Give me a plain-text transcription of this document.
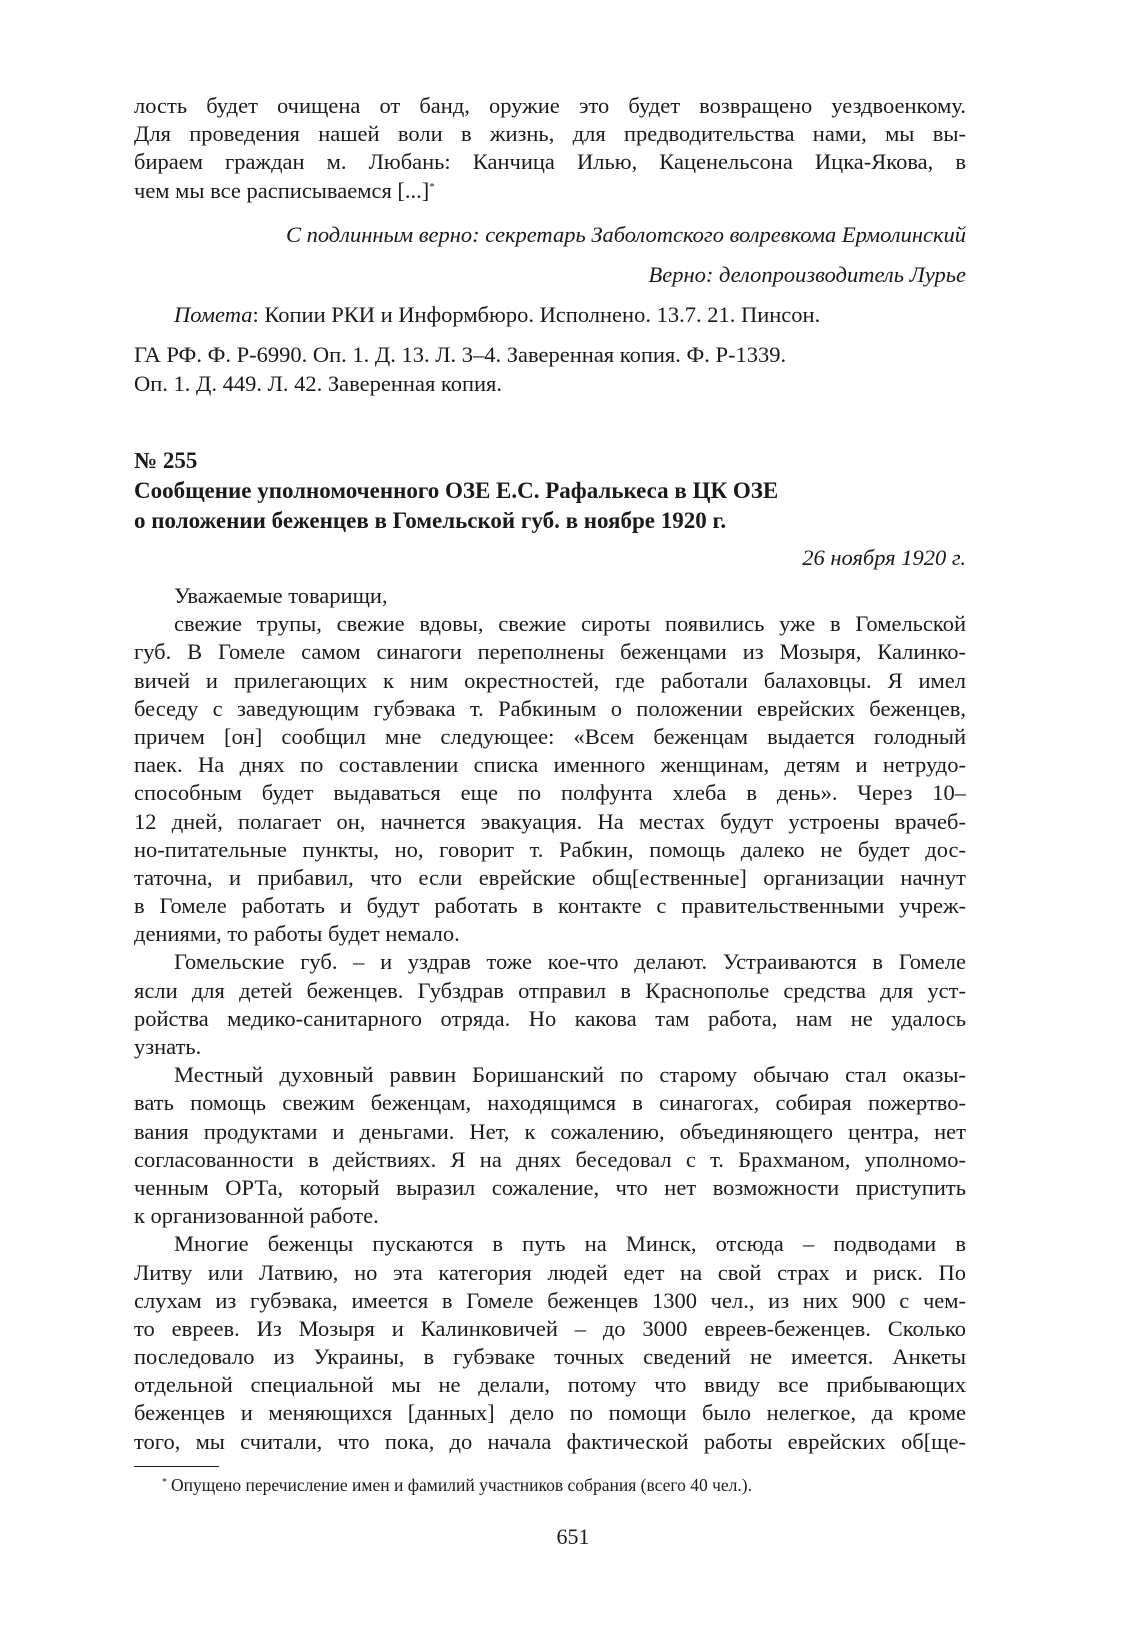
лость будет очищена от банд, оружие это будет возвращено уездвоенкому.
Для проведения нашей воли в жизнь, для предводительства нами, мы вы-
бираем граждан м. Любань: Канчица Илью, Каценельсона Ицка-Якова, в
чем мы все расписываемся [...]*
С подлинным верно: секретарь Заболотского волревкома Ермолинский
Верно: делопроизводитель Лурье
Помета: Копии РКИ и Информбюро. Исполнено. 13.7. 21. Пинсон.
ГА РФ. Ф. Р-6990. Оп. 1. Д. 13. Л. 3–4. Заверенная копия. Ф. Р-1339.
Оп. 1. Д. 449. Л. 42. Заверенная копия.
№ 255
Сообщение уполномоченного ОЗЕ Е.С. Рафалькеса в ЦК ОЗЕ
о положении беженцев в Гомельской губ. в ноябре 1920 г.
26 ноября 1920 г.
Уважаемые товарищи,
свежие трупы, свежие вдовы, свежие сироты появились уже в Гомельской
губ. В Гомеле самом синагоги переполнены беженцами из Мозыря, Калинко-
вичей и прилегающих к ним окрестностей, где работали балаховцы. Я имел
беседу с заведующим губэвака т. Рабкиным о положении еврейских беженцев,
причем [он] сообщил мне следующее: «Всем беженцам выдается голодный
паек. На днях по составлении списка именного женщинам, детям и нетрудо-
способным будет выдаваться еще по полфунта хлеба в день». Через 10–
12 дней, полагает он, начнется эвакуация. На местах будут устроены врачеб-
но-питательные пункты, но, говорит т. Рабкин, помощь далеко не будет дос-
таточна, и прибавил, что если еврейские общ[ественные] организации начнут
в Гомеле работать и будут работать в контакте с правительственными учреж-
дениями, то работы будет немало.
Гомельские губ. – и уздрав тоже кое-что делают. Устраиваются в Гомеле
ясли для детей беженцев. Губздрав отправил в Краснополье средства для уст-
ройства медико-санитарного отряда. Но какова там работа, нам не удалось
узнать.
Местный духовный раввин Боришанский по старому обычаю стал оказы-
вать помощь свежим беженцам, находящимся в синагогах, собирая пожертво-
вания продуктами и деньгами. Нет, к сожалению, объединяющего центра, нет
согласованности в действиях. Я на днях беседовал с т. Брахманом, уполномо-
ченным ОРТа, который выразил сожаление, что нет возможности приступить
к организованной работе.
Многие беженцы пускаются в путь на Минск, отсюда – подводами в
Литву или Латвию, но эта категория людей едет на свой страх и риск. По
слухам из губэвака, имеется в Гомеле беженцев 1300 чел., из них 900 с чем-
то евреев. Из Мозыря и Калинковичей – до 3000 евреев-беженцев. Сколько
последовало из Украины, в губэваке точных сведений не имеется. Анкеты
отдельной специальной мы не делали, потому что ввиду все прибывающих
беженцев и меняющихся [данных] дело по помощи было нелегкое, да кроме
того, мы считали, что пока, до начала фактической работы еврейских об[ще-
* Опущено перечисление имен и фамилий участников собрания (всего 40 чел.).
651
